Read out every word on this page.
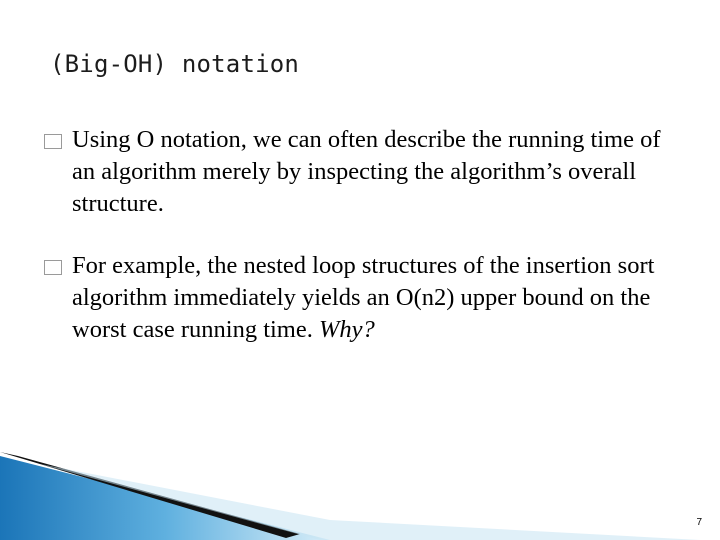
(Big-OH) notation
Using O notation, we can often describe the running time of an algorithm merely by inspecting the algorithm’s overall structure.
For example, the nested loop structures of the insertion sort algorithm immediately yields an O(n2) upper bound on the worst case running time. Why?
7
